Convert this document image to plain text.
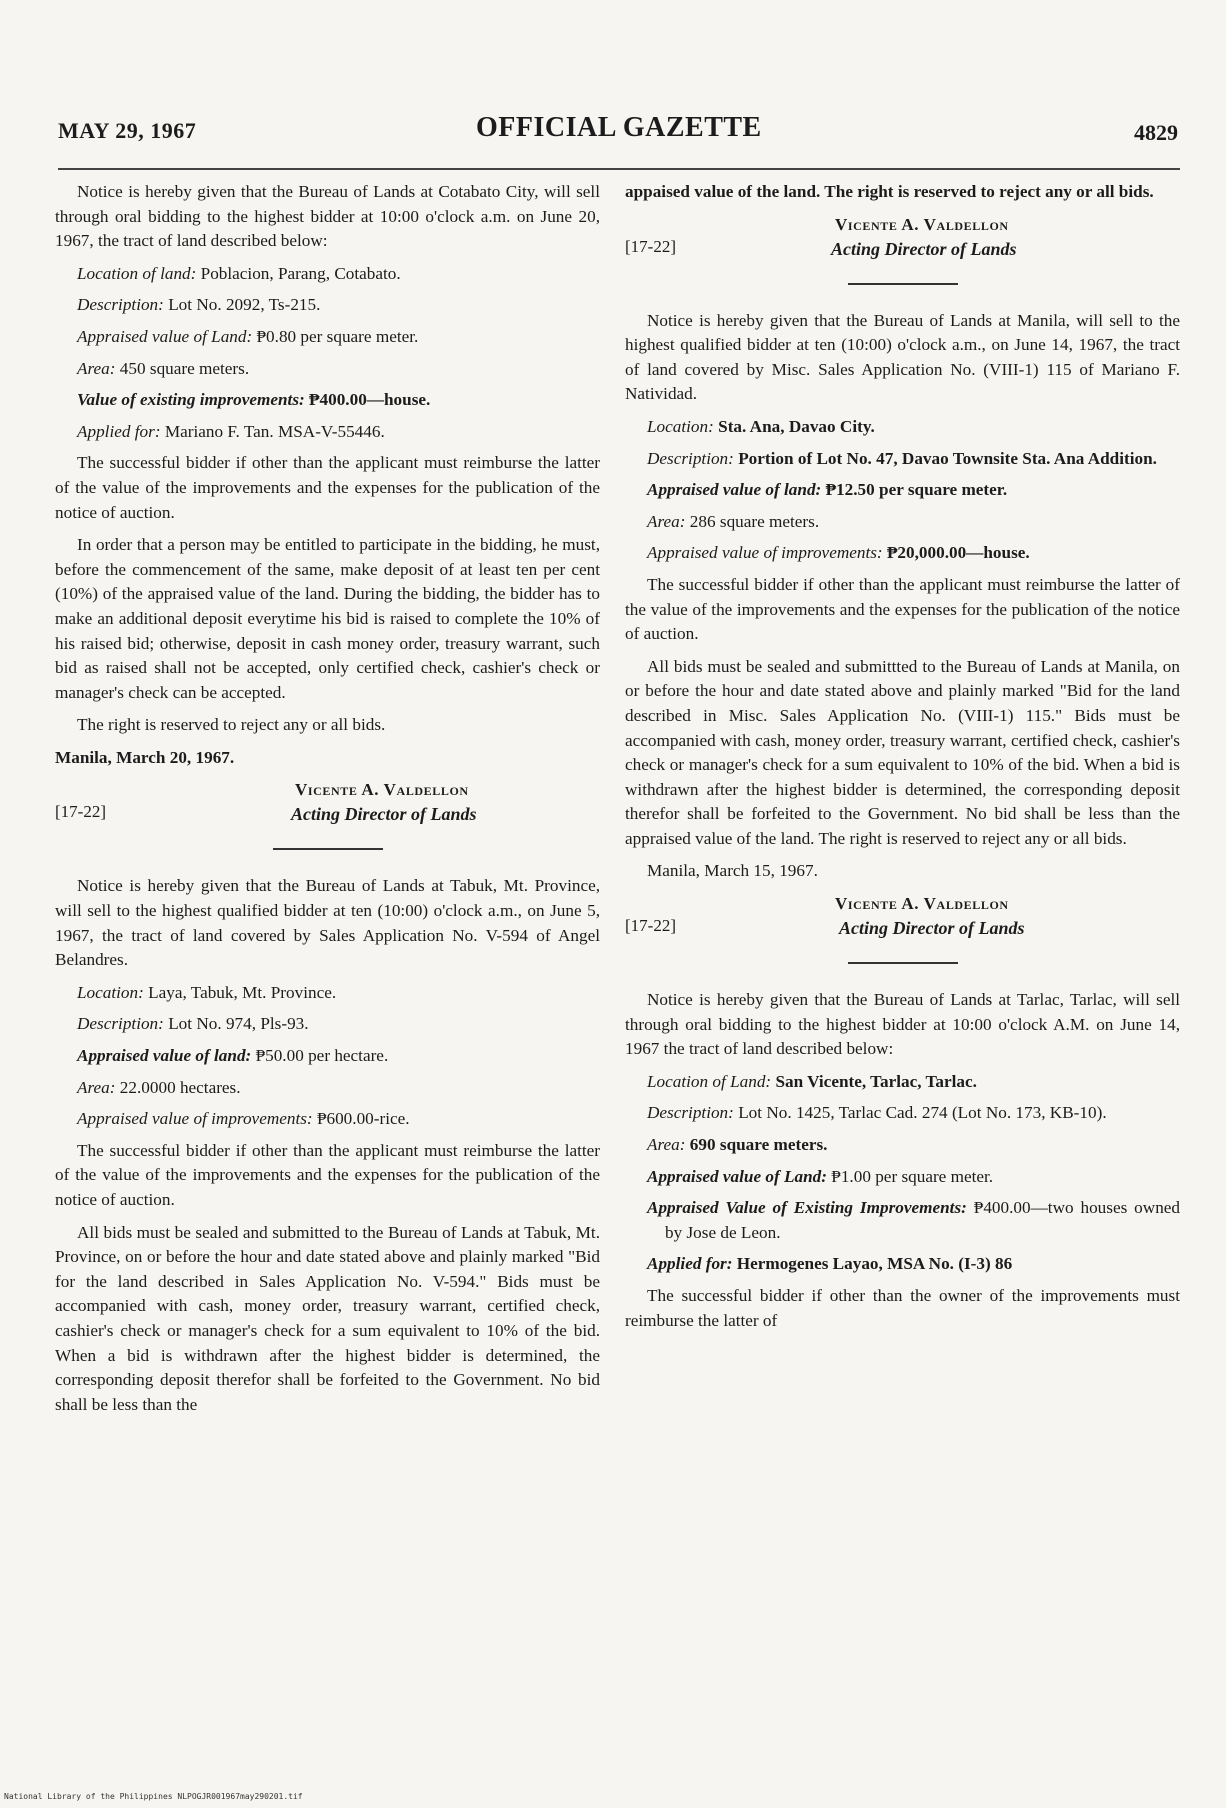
MAY 29, 1967	OFFICIAL GAZETTE	4829

Notice is hereby given that the Bureau of Lands at Cotabato City, will sell through oral bidding to the highest bidder at 10:00 o'clock a.m. on June 20, 1967, the tract of land described below:

Location of land: Poblacion, Parang, Cotabato.

Description: Lot No. 2092, Ts-215.

Appraised value of Land: ₱0.80 per square meter.

Area: 450 square meters.

Value of existing improvements: ₱400.00—house.

Applied for: Mariano F. Tan. MSA-V-55446.

The successful bidder if other than the applicant must reimburse the latter of the value of the improvements and the expenses for the publication of the notice of auction.

In order that a person may be entitled to participate in the bidding, he must, before the commencement of the same, make deposit of at least ten per cent (10%) of the appraised value of the land. During the bidding, the bidder has to make an additional deposit everytime his bid is raised to complete the 10% of his raised bid; otherwise, deposit in cash money order, treasury warrant, such bid as raised shall not be accepted, only certified check, cashier's check or manager's check can be accepted.

The right is reserved to reject any or all bids.

Manila, March 20, 1967.

[17-22]
Vicente A. Valdellon
Acting Director of Lands

Notice is hereby given that the Bureau of Lands at Tabuk, Mt. Province, will sell to the highest qualified bidder at ten (10:00) o'clock a.m., on June 5, 1967, the tract of land covered by Sales Application No. V-594 of Angel Belandres.

Location: Laya, Tabuk, Mt. Province.

Description: Lot No. 974, Pls-93.

Appraised value of land: ₱50.00 per hectare.

Area: 22.0000 hectares.

Appraised value of improvements: ₱600.00-rice.

The successful bidder if other than the applicant must reimburse the latter of the value of the improvements and the expenses for the publication of the notice of auction.

All bids must be sealed and submitted to the Bureau of Lands at Tabuk, Mt. Province, on or before the hour and date stated above and plainly marked "Bid for the land described in Sales Application No. V-594." Bids must be accompanied with cash, money order, treasury warrant, certified check, cashier's check or manager's check for a sum equivalent to 10% of the bid. When a bid is withdrawn after the highest bidder is determined, the corresponding deposit therefor shall be forfeited to the Government. No bid shall be less than the

appaised value of the land. The right is reserved to reject any or all bids.

[17-22]
Vicente A. Valdellon
Acting Director of Lands

Notice is hereby given that the Bureau of Lands at Manila, will sell to the highest qualified bidder at ten (10:00) o'clock a.m., on June 14, 1967, the tract of land covered by Misc. Sales Application No. (VIII-1) 115 of Mariano F. Natividad.

Location: Sta. Ana, Davao City.

Description: Portion of Lot No. 47, Davao Townsite Sta. Ana Addition.

Appraised value of land: ₱12.50 per square meter.

Area: 286 square meters.

Appraised value of improvements: ₱20,000.00—house.

The successful bidder if other than the applicant must reimburse the latter of the value of the improvements and the expenses for the publication of the notice of auction.

All bids must be sealed and submittted to the Bureau of Lands at Manila, on or before the hour and date stated above and plainly marked "Bid for the land described in Misc. Sales Application No. (VIII-1) 115." Bids must be accompanied with cash, money order, treasury warrant, certified check, cashier's check or manager's check for a sum equivalent to 10% of the bid. When a bid is withdrawn after the highest bidder is determined, the corresponding deposit therefor shall be forfeited to the Government. No bid shall be less than the appraised value of the land. The right is reserved to reject any or all bids.

Manila, March 15, 1967.

[17-22]
Vicente A. Valdellon
Acting Director of Lands

Notice is hereby given that the Bureau of Lands at Tarlac, Tarlac, will sell through oral bidding to the highest bidder at 10:00 o'clock A.M. on June 14, 1967 the tract of land described below:

Location of Land: San Vicente, Tarlac, Tarlac.

Description: Lot No. 1425, Tarlac Cad. 274 (Lot No. 173, KB-10).

Area: 690 square meters.

Appraised value of Land: ₱1.00 per square meter.

Appraised Value of Existing Improvements: ₱400.00—two houses owned by Jose de Leon.

Applied for: Hermogenes Layao, MSA No. (I-3) 86

The successful bidder if other than the owner of the improvements must reimburse the latter of

National Library of the Philippines NLPOGJR001967may290201.tif
